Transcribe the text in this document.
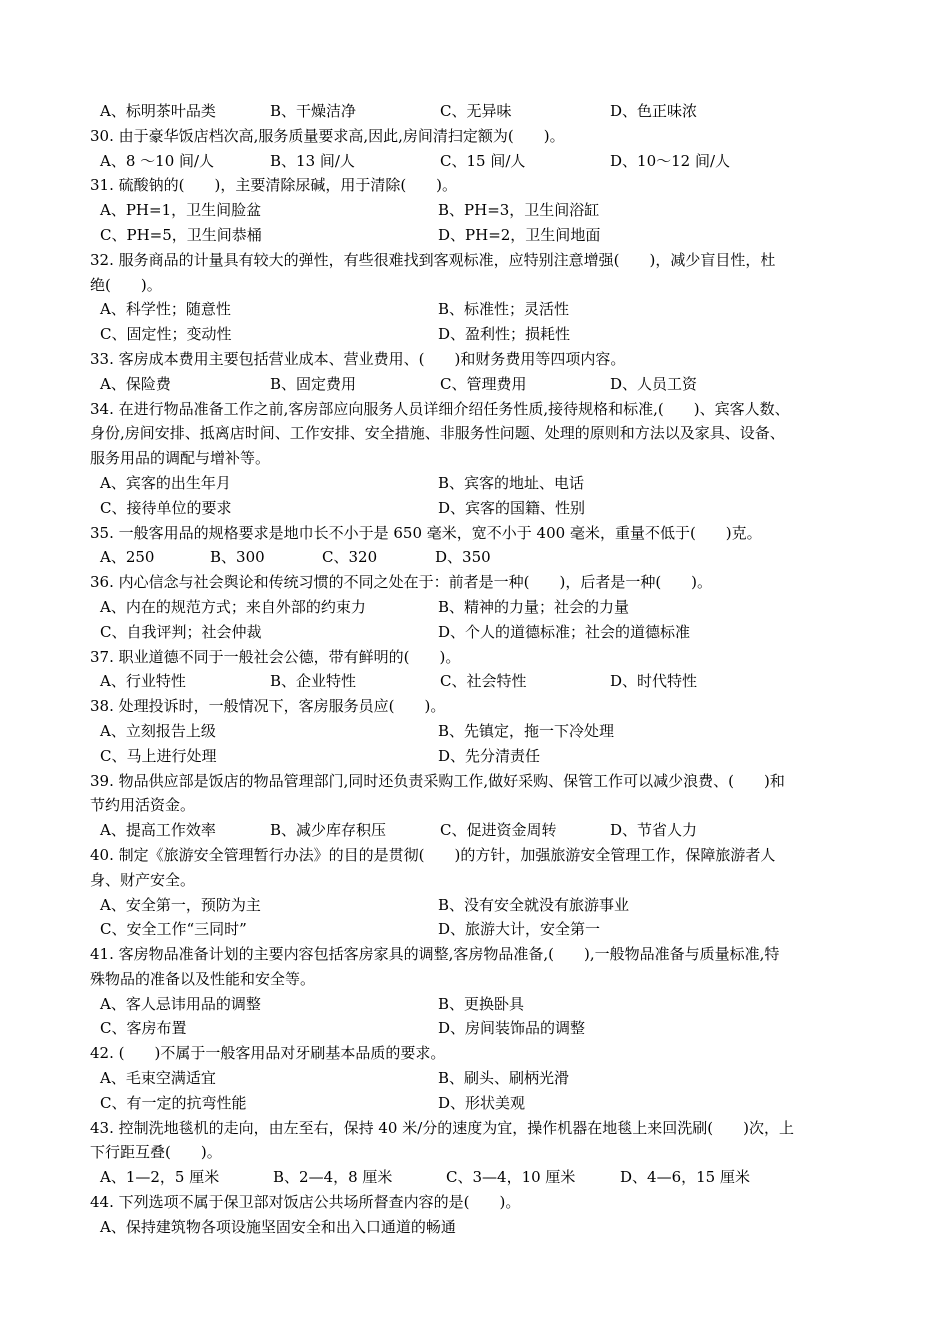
A、标明茶叶品类	B、干燥洁净	C、无异味	D、色正味浓
30. 由于豪华饭店档次高,服务质量要求高,因此,房间清扫定额为(　　)。
A、8 ～10 间/人	B、13 间/人	C、15 间/人	D、10～12 间/人
31. 硫酸钠的(　　)，主要清除尿碱，用于清除(　　)。
A、PH=1，卫生间脸盆	B、PH=3，卫生间浴缸
C、PH=5，卫生间恭桶	D、PH=2，卫生间地面
32. 服务商品的计量具有较大的弹性，有些很难找到客观标准，应特别注意增强(　　)，减少盲目性，杜
绝(　　)。
A、科学性；随意性	B、标准性；灵活性
C、固定性；变动性	D、盈利性；损耗性
33. 客房成本费用主要包括营业成本、营业费用、(　　)和财务费用等四项内容。
A、保险费	B、固定费用	C、管理费用	D、人员工资
34. 在进行物品准备工作之前,客房部应向服务人员详细介绍任务性质,接待规格和标准,(　　)、宾客人数、
身份,房间安排、抵离店时间、工作安排、安全措施、非服务性问题、处理的原则和方法以及家具、设备、
服务用品的调配与增补等。
A、宾客的出生年月	B、宾客的地址、电话
C、接待单位的要求	D、宾客的国籍、性别
35. 一般客用品的规格要求是地巾长不小于是 650 毫米，宽不小于 400 毫米，重量不低于(　　)克。
A、250	B、300	C、320	D、350
36. 内心信念与社会舆论和传统习惯的不同之处在于：前者是一种(　　)，后者是一种(　　)。
A、内在的规范方式；来自外部的约束力	B、精神的力量；社会的力量
C、自我评判；社会仲裁	D、个人的道德标准；社会的道德标准
37. 职业道德不同于一般社会公德，带有鲜明的(　　)。
A、行业特性	B、企业特性	C、社会特性	D、时代特性
38. 处理投诉时，一般情况下，客房服务员应(　　)。
A、立刻报告上级	B、先镇定，拖一下冷处理
C、马上进行处理	D、先分清责任
39. 物品供应部是饭店的物品管理部门,同时还负责采购工作,做好采购、保管工作可以减少浪费、(　　)和
节约用活资金。
A、提高工作效率	B、减少库存积压	C、促进资金周转	D、节省人力
40. 制定《旅游安全管理暂行办法》的目的是贯彻(　　)的方针，加强旅游安全管理工作，保障旅游者人
身、财产安全。
A、安全第一，预防为主	B、没有安全就没有旅游事业
C、安全工作“三同时”	D、旅游大计，安全第一
41. 客房物品准备计划的主要内容包括客房家具的调整,客房物品准备,(　　),一般物品准备与质量标准,特
殊物品的准备以及性能和安全等。
A、客人忌讳用品的调整	B、更换卧具
C、客房布置	D、房间装饰品的调整
42. (　　)不属于一般客用品对牙刷基本品质的要求。
A、毛束空满适宜	B、刷头、刷柄光滑
C、有一定的抗弯性能	D、形状美观
43. 控制洗地毯机的走向，由左至右，保持 40 米/分的速度为宜，操作机器在地毯上来回洗刷(　　)次，上
下行距互叠(　　)。
A、1—2，5 厘米	B、2—4，8 厘米	C、3—4，10 厘米	D、4—6，15 厘米
44. 下列选项不属于保卫部对饭店公共场所督查内容的是(　　)。
A、保持建筑物各项设施坚固安全和出入口通道的畅通
